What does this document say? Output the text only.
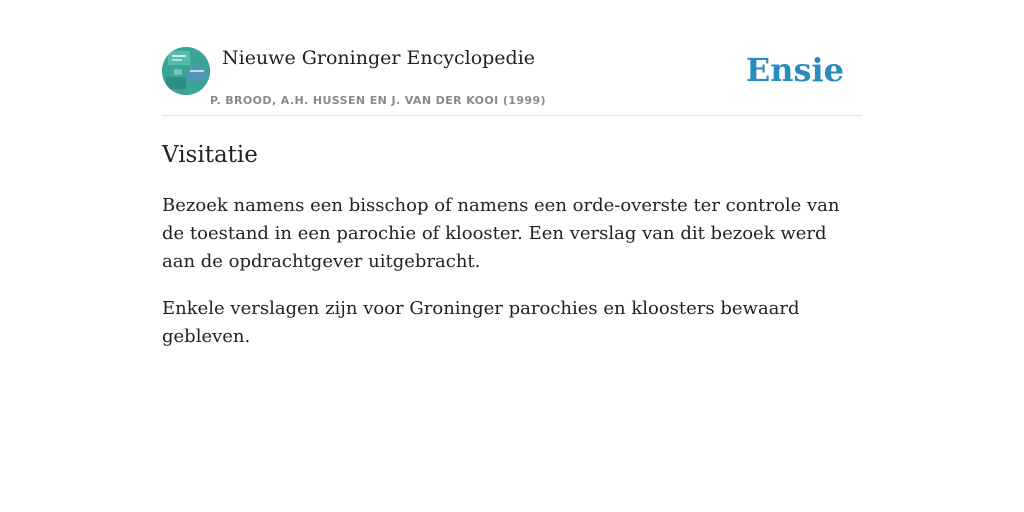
Nieuwe Groninger Encyclopedie
P. BROOD, A.H. HUSSEN EN J. VAN DER KOOI (1999)
Ensie
Visitatie

Bezoek namens een bisschop of namens een orde-overste ter controle van de toestand in een parochie of klooster. Een verslag van dit bezoek werd aan de opdrachtgever uitgebracht.

Enkele verslagen zijn voor Groninger parochies en kloosters bewaard gebleven.
